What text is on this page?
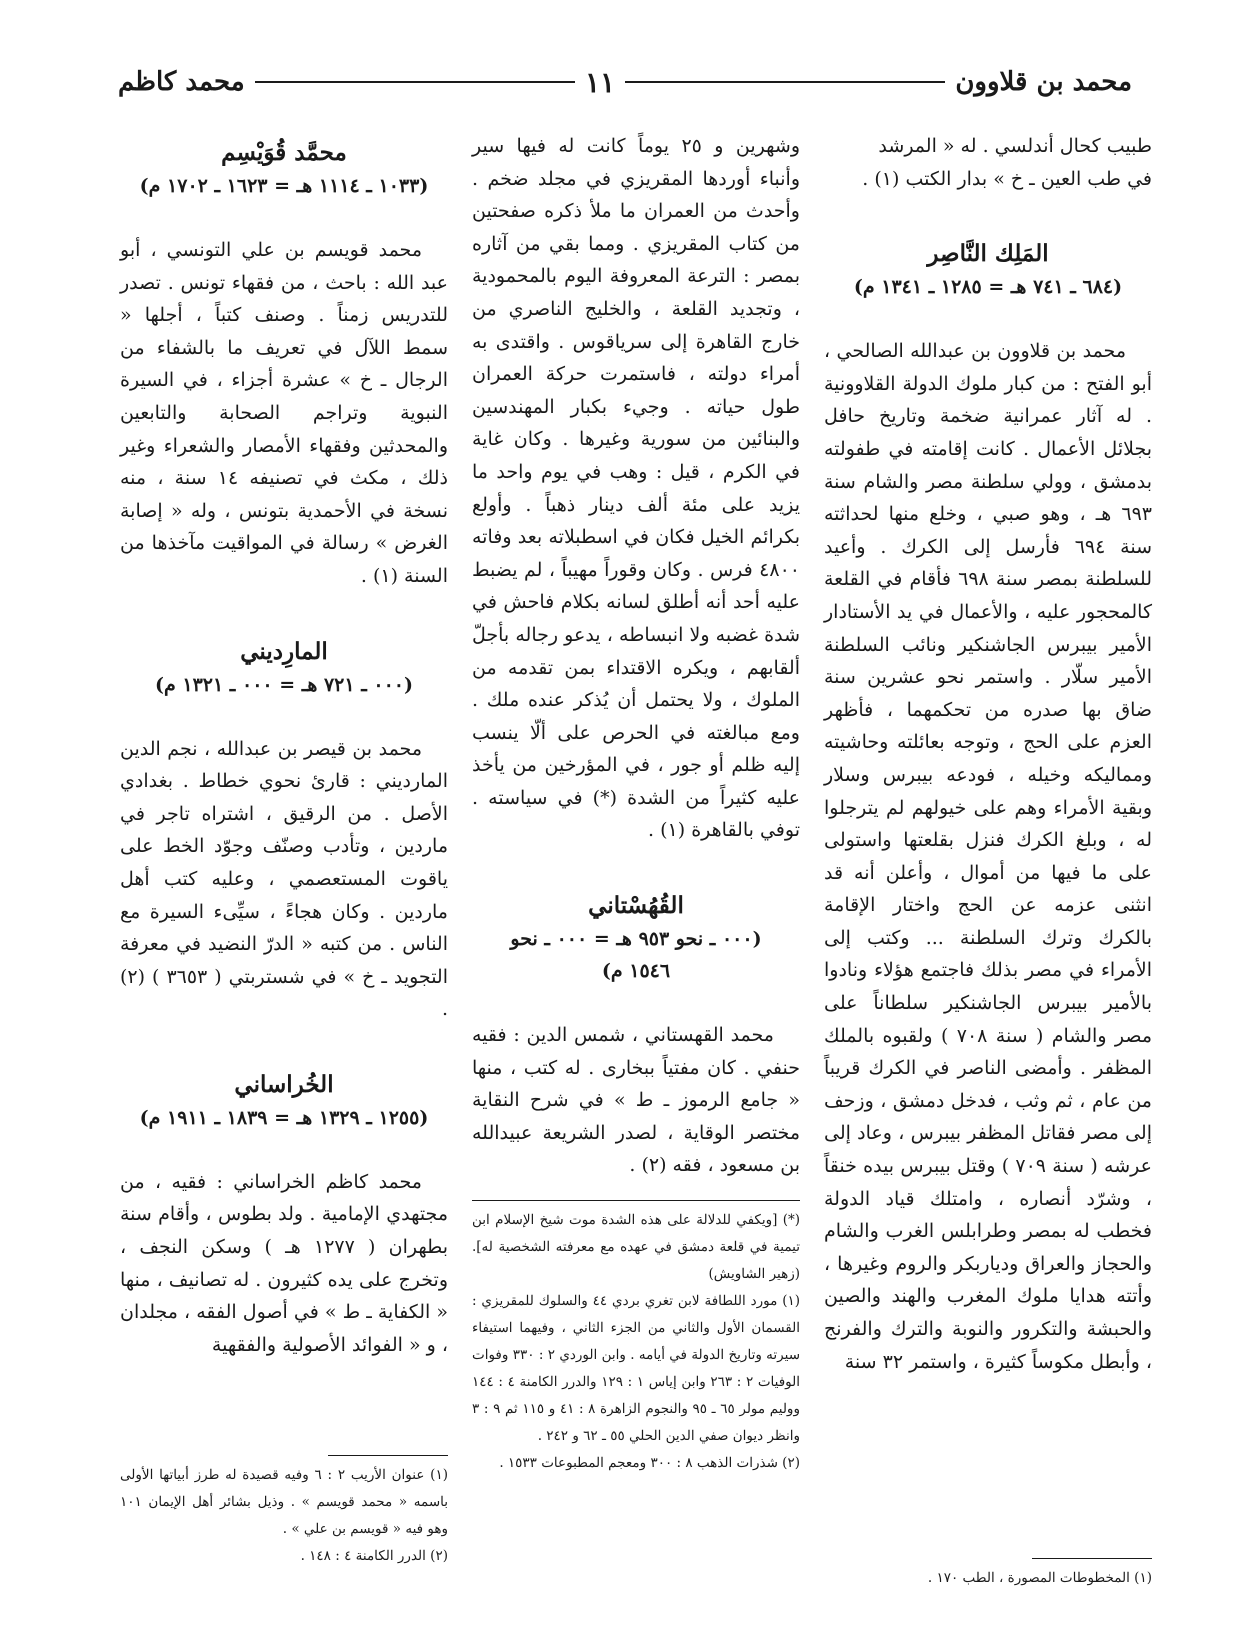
محمد كاظم	١١	محمد بن قلاوون

طبيب كحال أندلسي . له « المرشد

في طب العين ـ خ » بدار الكتب (١) .

المَلِك النَّاصِر
(٦٨٤ ـ ٧٤١ هـ = ١٢٨٥ ـ ١٣٤١ م)

محمد بن قلاوون بن عبدالله الصالحي ، أبو الفتح : من كبار ملوك الدولة القلاوونية . له آثار عمرانية ضخمة وتاريخ حافل بجلائل الأعمال . كانت إقامته في طفولته بدمشق ، وولي سلطنة مصر والشام سنة ٦٩٣ هـ ، وهو صبي ، وخلع منها لحداثته سنة ٦٩٤ فأرسل إلى الكرك . وأعيد للسلطنة بمصر سنة ٦٩٨ فأقام في القلعة كالمحجور عليه ، والأعمال في يد الأستادار الأمير بيبرس الجاشنكير ونائب السلطنة الأمير سلّار . واستمر نحو عشرين سنة ضاق بها صدره من تحكمهما ، فأظهر العزم على الحج ، وتوجه بعائلته وحاشيته ومماليكه وخيله ، فودعه بيبرس وسلار وبقية الأمراء وهم على خيولهم لم يترجلوا له ، وبلغ الكرك فنزل بقلعتها واستولى على ما فيها من أموال ، وأعلن أنه قد انثنى عزمه عن الحج واختار الإقامة بالكرك وترك السلطنة ... وكتب إلى الأمراء في مصر بذلك فاجتمع هؤلاء ونادوا بالأمير بيبرس الجاشنكير سلطاناً على مصر والشام ( سنة ٧٠٨ ) ولقبوه بالملك المظفر . وأمضى الناصر في الكرك قريباً من عام ، ثم وثب ، فدخل دمشق ، وزحف إلى مصر فقاتل المظفر بيبرس ، وعاد إلى عرشه ( سنة ٧٠٩ ) وقتل بيبرس بيده خنقاً ، وشرّد أنصاره ، وامتلك قياد الدولة فخطب له بمصر وطرابلس الغرب والشام والحجاز والعراق ودياربكر والروم وغيرها ، وأتته هدايا ملوك المغرب والهند والصين والحبشة والتكرور والنوبة والترك والفرنج ، وأبطل مكوساً كثيرة ، واستمر ٣٢ سنة

وشهرين و ٢٥ يوماً كانت له فيها سير وأنباء أوردها المقريزي في مجلد ضخم . وأحدث من العمران ما ملأ ذكره صفحتين من كتاب المقريزي . ومما بقي من آثاره بمصر : الترعة المعروفة اليوم بالمحمودية ، وتجديد القلعة ، والخليج الناصري من خارج القاهرة إلى سرياقوس . واقتدى به أمراء دولته ، فاستمرت حركة العمران طول حياته . وجيء بكبار المهندسين والبنائين من سورية وغيرها . وكان غاية في الكرم ، قيل : وهب في يوم واحد ما يزيد على مئة ألف دينار ذهباً . وأولع بكرائم الخيل فكان في اسطبلاته بعد وفاته ٤٨٠٠ فرس . وكان وقوراً مهيباً ، لم يضبط عليه أحد أنه أطلق لسانه بكلام فاحش في شدة غضبه ولا انبساطه ، يدعو رجاله بأجلّ ألقابهم ، ويكره الاقتداء بمن تقدمه من الملوك ، ولا يحتمل أن يُذكر عنده ملك . ومع مبالغته في الحرص على ألّا ينسب إليه ظلم أو جور ، في المؤرخين من يأخذ عليه كثيراً من الشدة (*) في سياسته . توفي بالقاهرة (١) .

القُهُسْتاني
(٠٠٠ ـ نحو ٩٥٣ هـ = ٠٠٠ ـ نحو
١٥٤٦ م)

محمد القهستاني ، شمس الدين : فقيه حنفي . كان مفتياً ببخارى . له كتب ، منها « جامع الرموز ـ ط » في شرح النقاية مختصر الوقاية ، لصدر الشريعة عبيدالله بن مسعود ، فقه (٢) .

محمَّد قُوَيْسِم
(١٠٣٣ ـ ١١١٤ هـ = ١٦٢٣ ـ ١٧٠٢ م)

محمد قويسم بن علي التونسي ، أبو عبد الله : باحث ، من فقهاء تونس . تصدر للتدريس زمناً . وصنف كتباً ، أجلها « سمط اللآل في تعريف ما بالشفاء من الرجال ـ خ » عشرة أجزاء ، في السيرة النبوية وتراجم الصحابة والتابعين والمحدثين وفقهاء الأمصار والشعراء وغير ذلك ، مكث في تصنيفه ١٤ سنة ، منه نسخة في الأحمدية بتونس ، وله « إصابة الغرض » رسالة في المواقيت مآخذها من السنة (١) .

المارِديني
(٠٠٠ ـ ٧٢١ هـ = ٠٠٠ ـ ١٣٢١ م)

محمد بن قيصر بن عبدالله ، نجم الدين المارديني : قارئ نحوي خطاط . بغدادي الأصل . من الرقيق ، اشتراه تاجر في ماردين ، وتأدب وصنّف وجوّد الخط على ياقوت المستعصمي ، وعليه كتب أهل ماردين . وكان هجاءً ، سيِّىء السيرة مع الناس . من كتبه « الدرّ النضيد في معرفة التجويد ـ خ » في شستربتي ( ٣٦٥٣ ) (٢) .

الخُراساني
(١٢٥٥ ـ ١٣٢٩ هـ = ١٨٣٩ ـ ١٩١١ م)

محمد كاظم الخراساني : فقيه ، من مجتهدي الإمامية . ولد بطوس ، وأقام سنة بطهران ( ١٢٧٧ هـ ) وسكن النجف ، وتخرج على يده كثيرون . له تصانيف ، منها « الكفاية ـ ط » في أصول الفقه ، مجلدان ، و « الفوائد الأصولية والفقهية

(١) المخطوطات المصورة ، الطب ١٧٠ .

(*) [ويكفي للدلالة على هذه الشدة موت شيخ الإسلام ابن تيمية في قلعة دمشق في عهده مع معرفته الشخصية له]. (زهير الشاويش)

(١) مورد اللطافة لابن تغري بردي ٤٤ والسلوك للمقريزي : القسمان الأول والثاني من الجزء الثاني ، وفيهما استيفاء سيرته وتاريخ الدولة في أيامه . وابن الوردي ٢ : ٣٣٠ وفوات الوفيات ٢ : ٢٦٣ وابن إياس ١ : ١٢٩ والدرر الكامنة ٤ : ١٤٤ ووليم مولر ٦٥ ـ ٩٥ والنجوم الزاهرة ٨ : ٤١ و ١١٥ ثم ٩ : ٣ وانظر ديوان صفي الدين الحلي ٥٥ ـ ٦٢ و ٢٤٢ .

(٢) شذرات الذهب ٨ : ٣٠٠ ومعجم المطبوعات ١٥٣٣ .

(١) عنوان الأريب ٢ : ٦ وفيه قصيدة له طرز أبياتها الأولى باسمه « محمد قويسم » . وذيل بشائر أهل الإيمان ١٠١ وهو فيه « قويسم بن علي » .

(٢) الدرر الكامنة ٤ : ١٤٨ .
